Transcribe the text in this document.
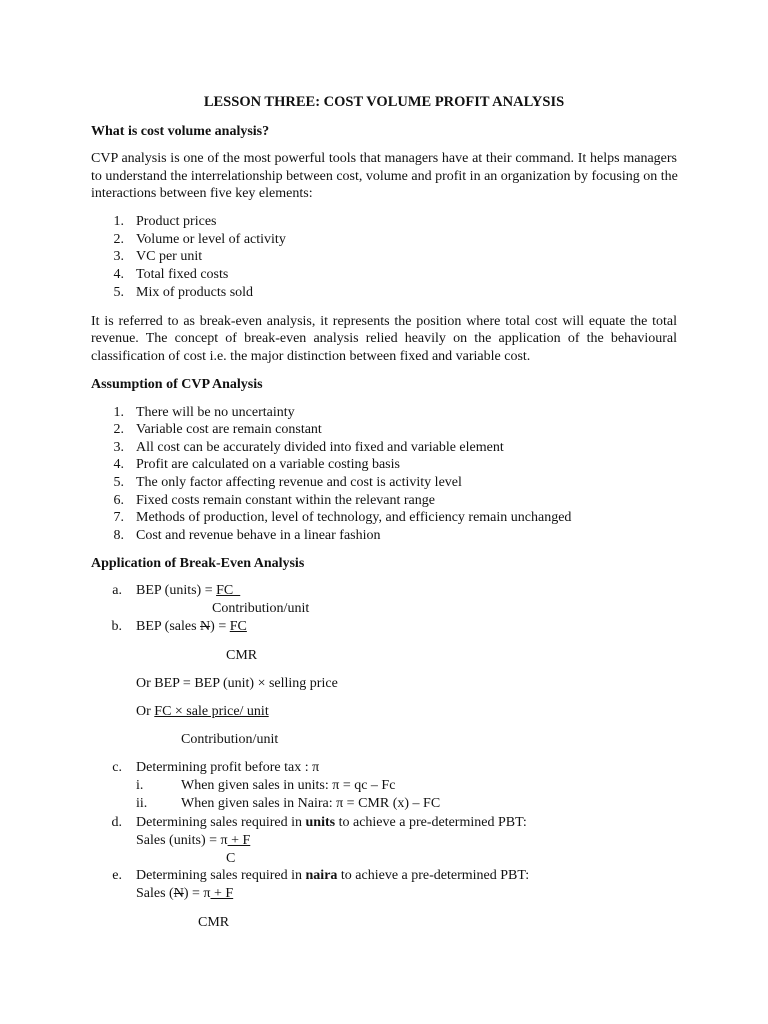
LESSON THREE: COST VOLUME PROFIT ANALYSIS
What is cost volume analysis?
CVP analysis is one of the most powerful tools that managers have at their command. It helps managers
to understand the interrelationship between cost, volume and profit in an organization by focusing on the
interactions between five key elements:
1. Product prices
2. Volume or level of activity
3. VC per unit
4. Total fixed costs
5. Mix of products sold
It is referred to as break-even analysis, it represents the position where total cost will equate the total
revenue. The concept of break-even analysis relied heavily on the application of the behavioural
classification of cost i.e. the major distinction between fixed and variable cost.
Assumption of CVP Analysis
1. There will be no uncertainty
2. Variable cost are remain constant
3. All cost can be accurately divided into fixed and variable element
4. Profit are calculated on a variable costing basis
5. The only factor affecting revenue and cost is activity level
6. Fixed costs remain constant within the relevant range
7. Methods of production, level of technology, and efficiency remain unchanged
8. Cost and revenue behave in a linear fashion
Application of Break-Even Analysis
a. BEP (units) = FC
Contribution/unit
b. BEP (sales N) = FC
CMR
Or BEP = BEP (unit) × selling price
Or FC × sale price/ unit
Contribution/unit
c. Determining profit before tax : π
i.	When given sales in units: π = qc – Fc
ii. When given sales in Naira: π = CMR (x) – FC
d. Determining sales required in units to achieve a pre-determined PBT:
Sales (units) = π + F
C
e. Determining sales required in naira to achieve a pre-determined PBT:
Sales (N) = π + F
CMR
